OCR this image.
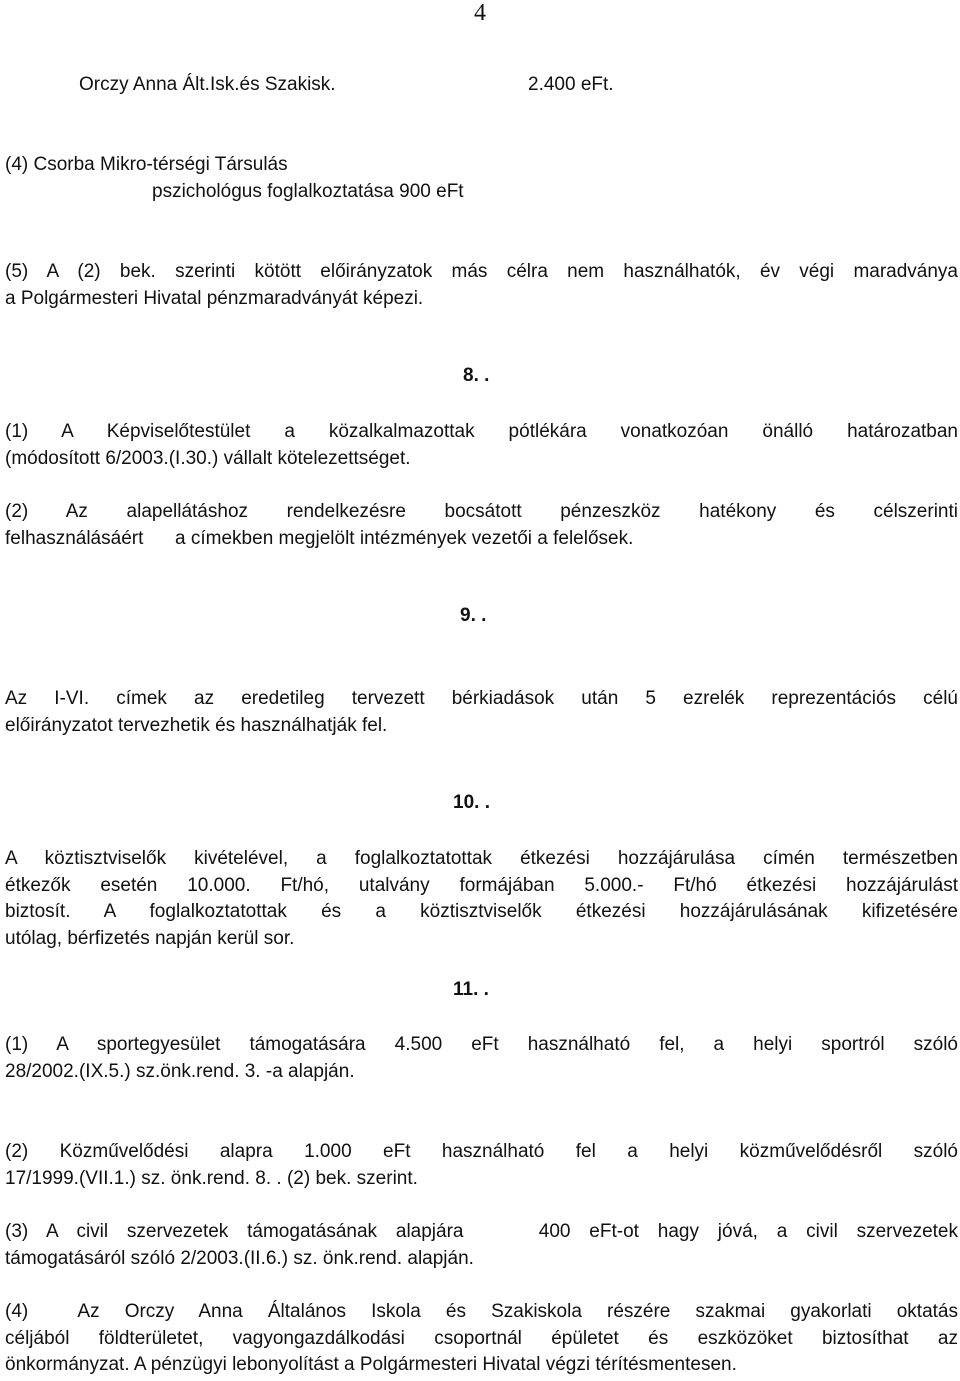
4
Orczy Anna Ált.Isk.és Szakisk.	2.400 eFt.
(4) Csorba Mikro-térségi Társulás
pszichológus foglalkoztatása 900 eFt
(5) A (2) bek. szerinti kötött előirányzatok más célra nem használhatók, év végi maradványa
a Polgármesteri Hivatal pénzmaradványát képezi.
8. .
(1) A Képviselőtestület a közalkalmazottak pótlékára vonatkozóan önálló határozatban
(módosított 6/2003.(I.30.) vállalt kötelezettséget.
(2) Az alapellátáshoz rendelkezésre bocsátott pénzeszköz hatékony és célszerinti
felhasználásáért      a címekben megjelölt intézmények vezetői a felelősek.
9. .
Az I-VI. címek az eredetileg tervezett bérkiadások után 5 ezrelék reprezentációs célú
előirányzatot tervezhetik és használhatják fel.
10. .
A köztisztviselők kivételével, a foglalkoztatottak étkezési hozzájárulása címén természetben
étkezők esetén 10.000. Ft/hó, utalvány formájában 5.000.- Ft/hó étkezési hozzájárulást
biztosít. A foglalkoztatottak és a köztisztviselők étkezési hozzájárulásának kifizetésére
utólag, bérfizetés napján kerül sor.
11. .
(1) A sportegyesület támogatására 4.500 eFt használható fel, a helyi sportról szóló
28/2002.(IX.5.) sz.önk.rend. 3. -a alapján.
(2) Közművelődési alapra 1.000 eFt használható fel a helyi közművelődésről szóló
17/1999.(VII.1.) sz. önk.rend. 8. . (2) bek. szerint.
(3) A civil szervezetek támogatásának alapjára    400 eFt-ot hagy jóvá, a civil szervezetek
támogatásáról szóló 2/2003.(II.6.) sz. önk.rend. alapján.
(4)  Az Orczy Anna Általános Iskola és Szakiskola részére szakmai gyakorlati oktatás
céljából földterületet, vagyongazdálkodási csoportnál épületet és eszközöket biztosíthat az
önkormányzat. A pénzügyi lebonyolítást a Polgármesteri Hivatal végzi térítésmentesen.
